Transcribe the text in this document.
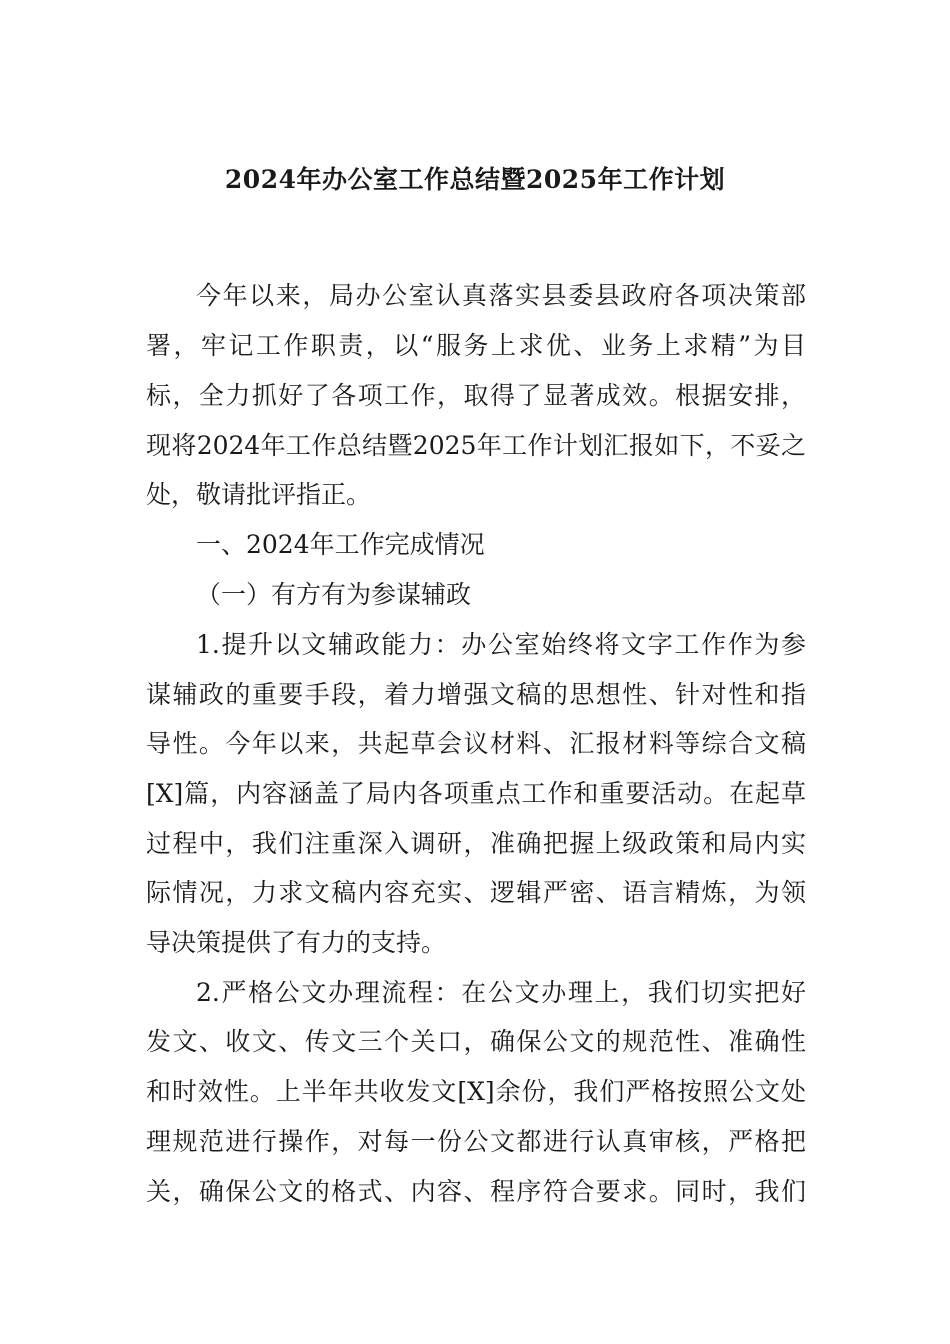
2024年办公室工作总结暨2025年工作计划
今年以来，局办公室认真落实县委县政府各项决策部
署，牢记工作职责，以“服务上求优、业务上求精”为目
标，全力抓好了各项工作，取得了显著成效。根据安排，
现将2024年工作总结暨2025年工作计划汇报如下，不妥之
处，敬请批评指正。
一、2024年工作完成情况
（一）有方有为参谋辅政
1.提升以文辅政能力：办公室始终将文字工作作为参
谋辅政的重要手段，着力增强文稿的思想性、针对性和指
导性。今年以来，共起草会议材料、汇报材料等综合文稿
[X]篇，内容涵盖了局内各项重点工作和重要活动。在起草
过程中，我们注重深入调研，准确把握上级政策和局内实
际情况，力求文稿内容充实、逻辑严密、语言精炼，为领
导决策提供了有力的支持。
2.严格公文办理流程：在公文办理上，我们切实把好
发文、收文、传文三个关口，确保公文的规范性、准确性
和时效性。上半年共收发文[X]余份，我们严格按照公文处
理规范进行操作，对每一份公文都进行认真审核，严格把
关，确保公文的格式、内容、程序符合要求。同时，我们
